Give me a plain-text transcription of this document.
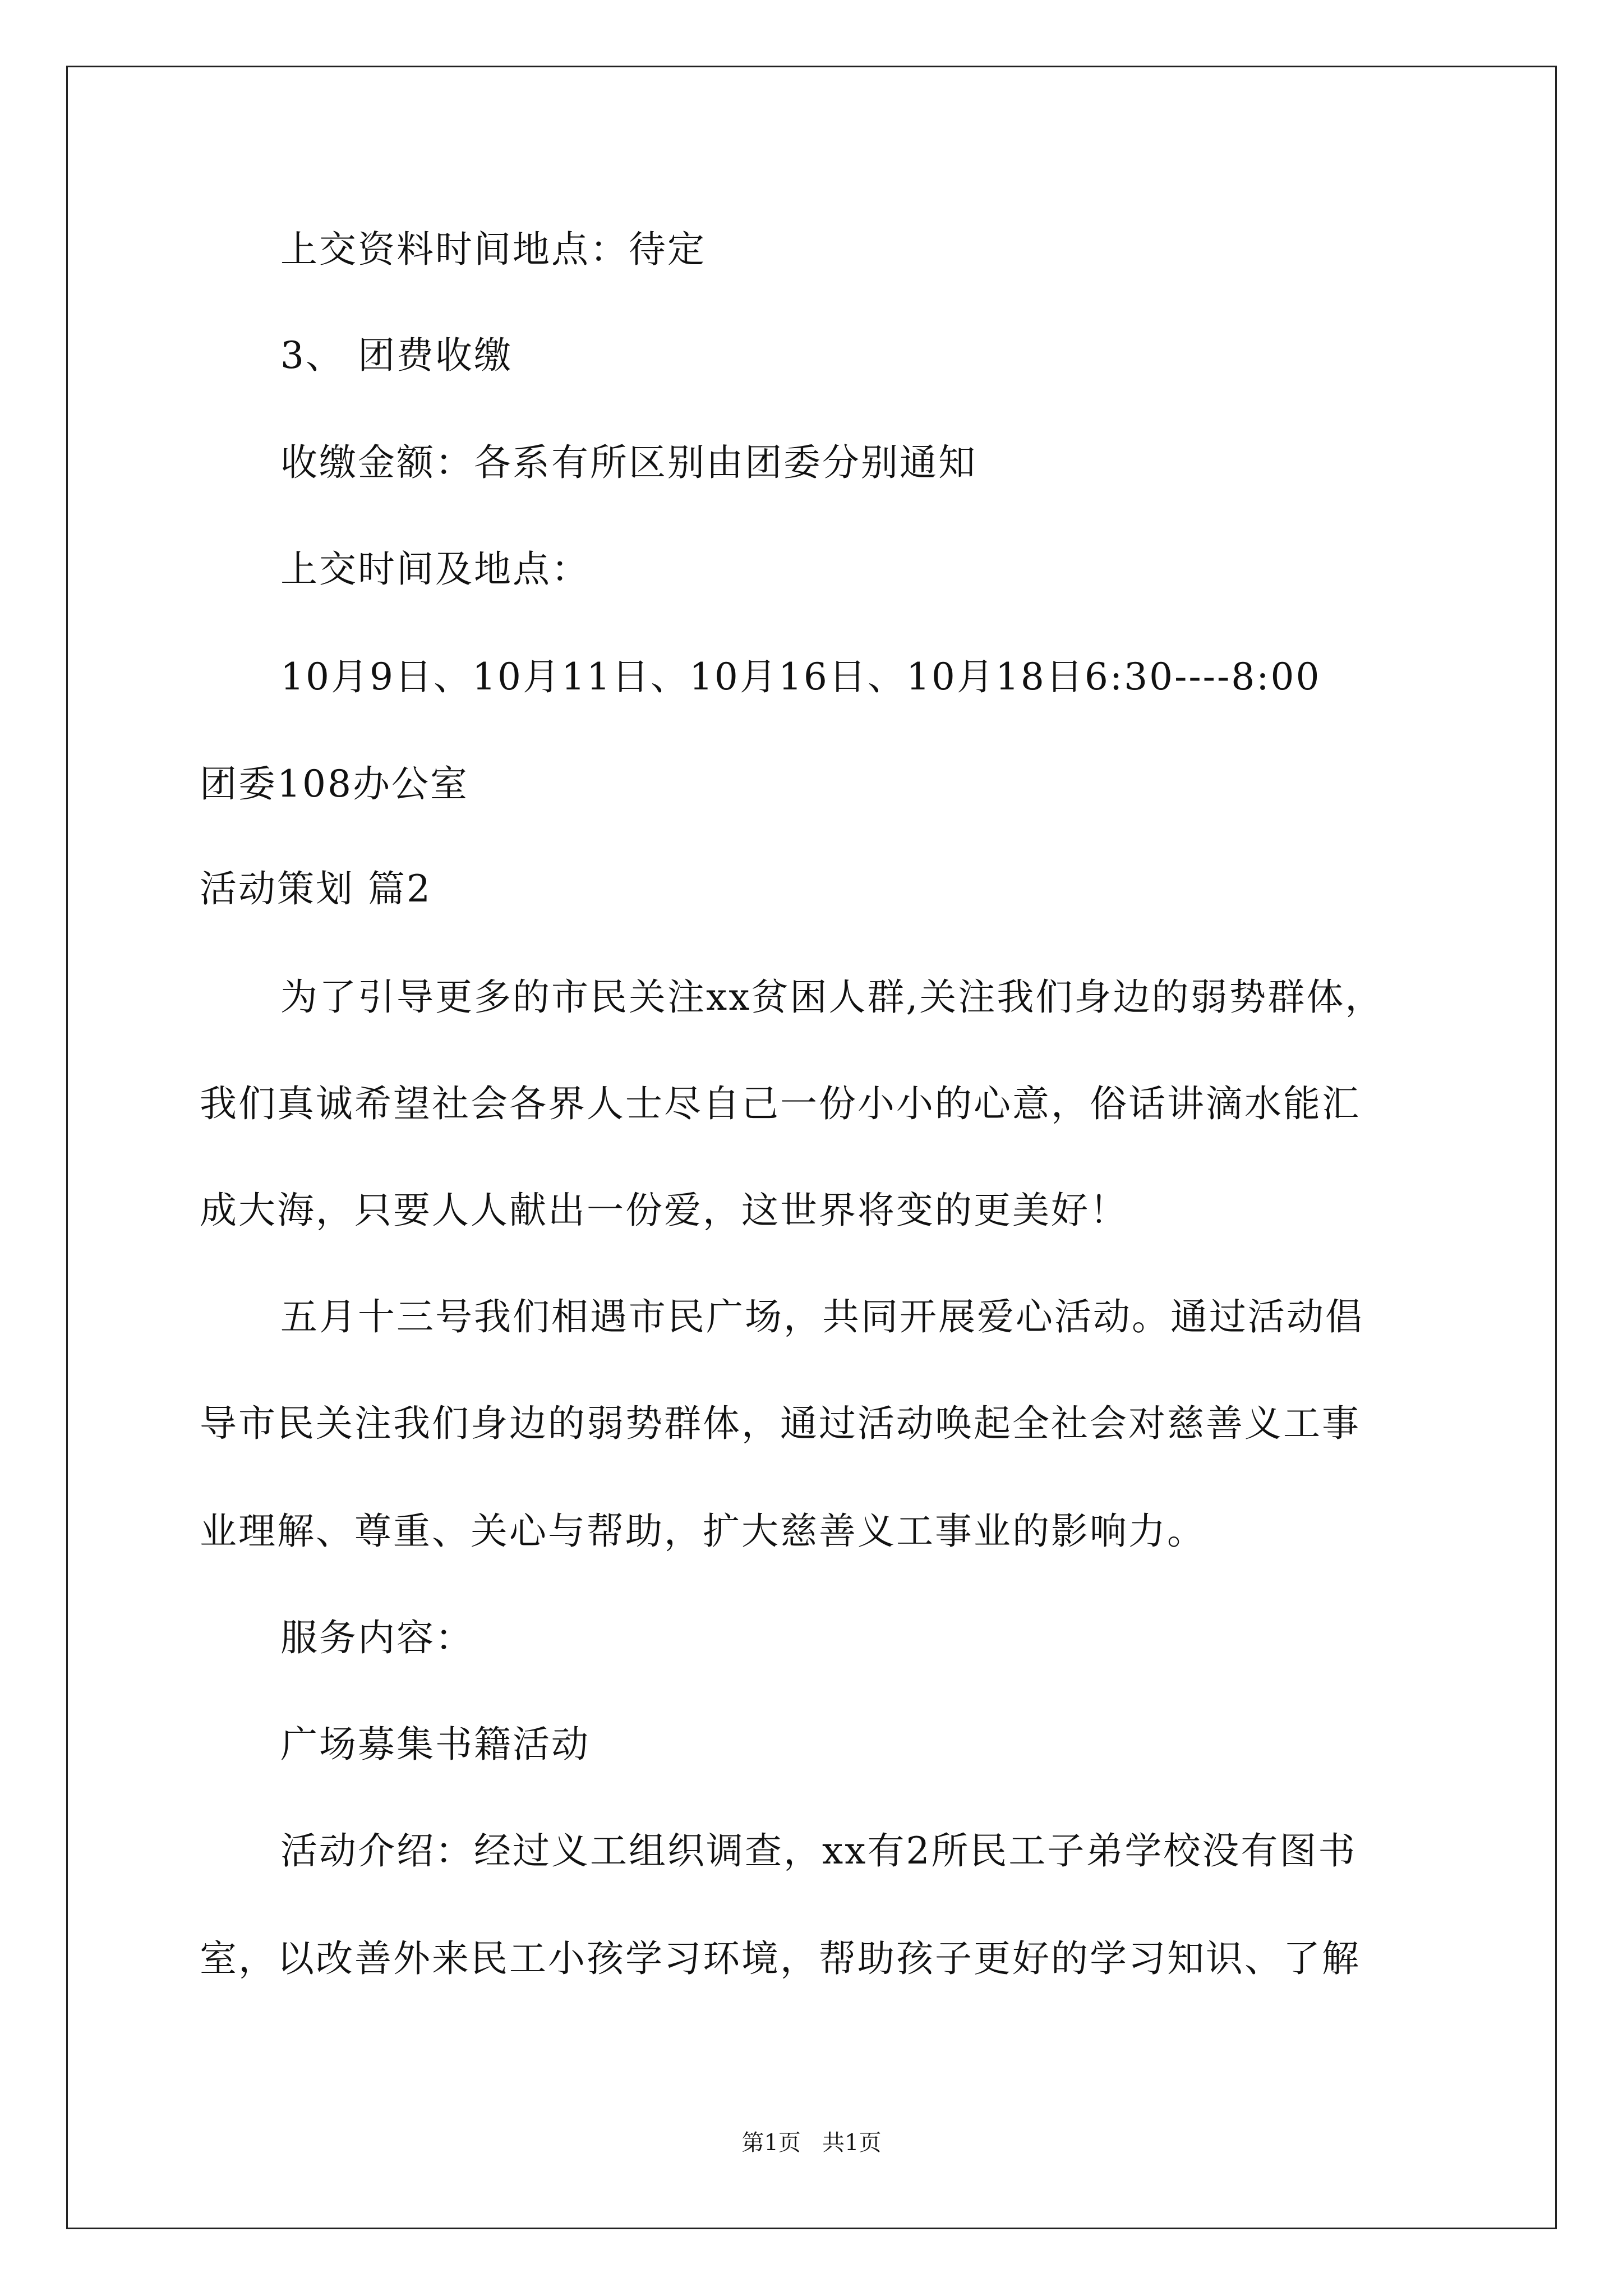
上交资料时间地点：待定
3、 团费收缴
收缴金额：各系有所区别由团委分别通知
上交时间及地点：
10月9日、10月11日、10月16日、10月18日6:30----8:00
团委108办公室
活动策划 篇2
为了引导更多的市民关注xx贫困人群,关注我们身边的弱势群体，
我们真诚希望社会各界人士尽自己一份小小的心意，俗话讲滴水能汇
成大海，只要人人献出一份爱，这世界将变的更美好！
五月十三号我们相遇市民广场，共同开展爱心活动。通过活动倡
导市民关注我们身边的弱势群体，通过活动唤起全社会对慈善义工事
业理解、尊重、关心与帮助，扩大慈善义工事业的影响力。
服务内容：
广场募集书籍活动
活动介绍：经过义工组织调查，xx有2所民工子弟学校没有图书
室，以改善外来民工小孩学习环境，帮助孩子更好的学习知识、了解
第1页   共1页
